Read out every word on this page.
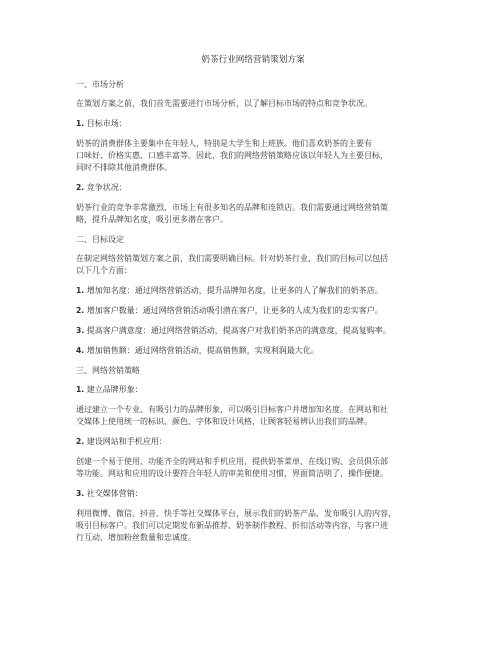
奶茶行业网络营销策划方案
一、市场分析
在策划方案之前，我们首先需要进行市场分析，以了解目标市场的特点和竞争状况。
1. 目标市场：
奶茶的消费群体主要集中在年轻人，特别是大学生和上班族。他们喜欢奶茶的主要有
口味好、价格实惠、口感丰富等。因此，我们的网络营销策略应该以年轻人为主要目标，
同时不排除其他消费群体。
2. 竞争状况：
奶茶行业的竞争非常激烈，市场上有很多知名的品牌和连锁店。我们需要通过网络营销策
略，提升品牌知名度，吸引更多潜在客户。
二、目标设定
在制定网络营销策划方案之前，我们需要明确目标。针对奶茶行业，我们的目标可以包括
以下几个方面：
1. 增加知名度：通过网络营销活动，提升品牌知名度，让更多的人了解我们的奶茶店。
2. 增加客户数量：通过网络营销活动吸引潜在客户，让更多的人成为我们的忠实客户。
3. 提高客户满意度：通过网络营销活动，提高客户对我们奶茶店的满意度，提高复购率。
4. 增加销售额：通过网络营销活动，提高销售额，实现利润最大化。
三、网络营销策略
1. 建立品牌形象：
通过建立一个专业、有吸引力的品牌形象，可以吸引目标客户并增加知名度。在网站和社
交媒体上使用统一的标识、颜色、字体和设计风格，让顾客轻易辨认出我们的品牌。
2. 建设网站和手机应用：
创建一个易于使用、功能齐全的网站和手机应用，提供奶茶菜单、在线订购、会员俱乐部
等功能。网站和应用的设计要符合年轻人的审美和使用习惯，界面简洁明了，操作便捷。
3. 社交媒体营销：
利用微博、微信、抖音、快手等社交媒体平台，展示我们的奶茶产品，发布吸引人的内容，
吸引目标客户。我们可以定期发布新品推荐、奶茶制作教程、折扣活动等内容，与客户进
行互动，增加粉丝数量和忠诚度。
